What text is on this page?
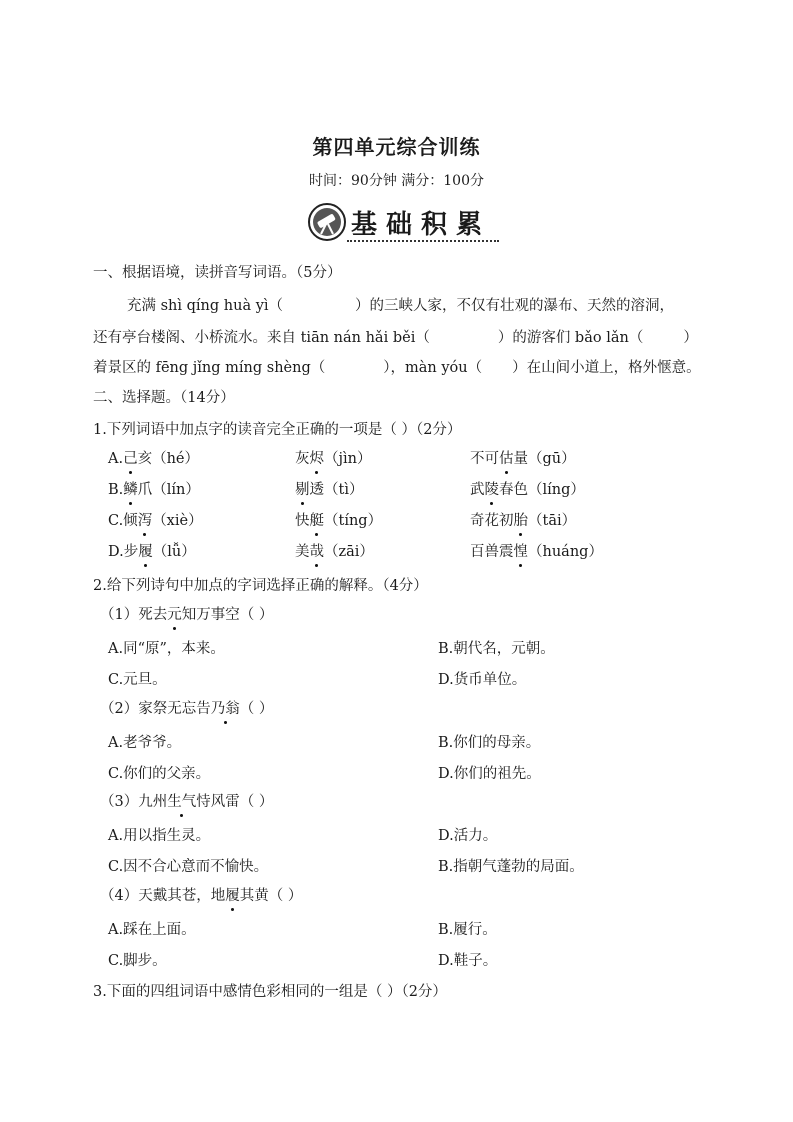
第四单元综合训练
时间：90分钟 满分：100分
基础积累
一、根据语境，读拼音写词语。（5分）
充满 shì qíng huà yì（	）的三峡人家，不仅有壮观的瀑布、天然的溶洞，
还有亭台楼阁、小桥流水。来自 tiān nán hǎi běi（	）的游客们 bǎo lǎn（	）
着景区的 fēng jǐng míng shèng（	），màn yóu（ ）在山间小道上，格外惬意。
二、选择题。（14分）
1.下列词语中加点字的读音完全正确的一项是（ ）（2分）
A.己亥（hé）	灰烬（jìn）	不可估量（gū）
B.鳞爪（lín）	剔透（tì）	武陵春色（líng）
C.倾泻（xiè）	快艇（tíng）	奇花初胎（tāi）
D.步履（lǚ）	美哉（zāi）	百兽震惶（huáng）
2.给下列诗句中加点的字词选择正确的解释。（4分）
（1）死去元知万事空（ ）
A.同“原”，本来。	B.朝代名，元朝。
C.元旦。	D.货币单位。
（2）家祭无忘告乃翁（ ）
A.老爷爷。	B.你们的母亲。
C.你们的父亲。	D.你们的祖先。
（3）九州生气恃风雷（ ）
A.用以指生灵。	D.活力。
C.因不合心意而不愉快。	B.指朝气蓬勃的局面。
（4）天戴其苍，地履其黄（ ）
A.踩在上面。	B.履行。
C.脚步。	D.鞋子。
3.下面的四组词语中感情色彩相同的一组是（ ）（2分）
